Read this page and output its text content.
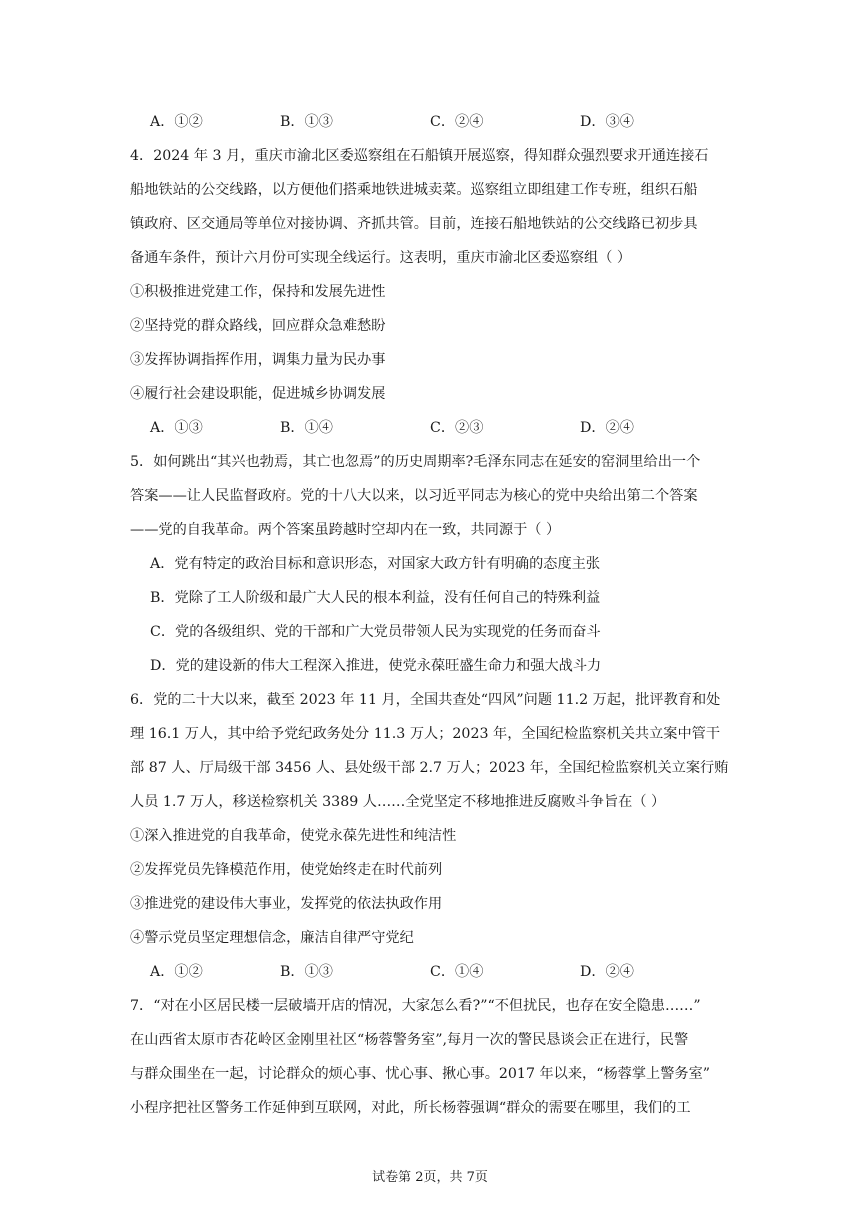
A．①②	B．①③	C．②④	D．③④
4．2024 年 3 月，重庆市渝北区委巡察组在石船镇开展巡察，得知群众强烈要求开通连接石
船地铁站的公交线路，以方便他们搭乘地铁进城卖菜。巡察组立即组建工作专班，组织石船
镇政府、区交通局等单位对接协调、齐抓共管。目前，连接石船地铁站的公交线路已初步具
备通车条件，预计六月份可实现全线运行。这表明，重庆市渝北区委巡察组（ ）
①积极推进党建工作，保持和发展先进性
②坚持党的群众路线，回应群众急难愁盼
③发挥协调指挥作用，调集力量为民办事
④履行社会建设职能，促进城乡协调发展
A．①③	B．①④	C．②③	D．②④
5．如何跳出“其兴也勃焉，其亡也忽焉”的历史周期率?毛泽东同志在延安的窑洞里给出一个
答案——让人民监督政府。党的十八大以来，以习近平同志为核心的党中央给出第二个答案
——党的自我革命。两个答案虽跨越时空却内在一致，共同源于（ ）
A．党有特定的政治目标和意识形态，对国家大政方针有明确的态度主张
B．党除了工人阶级和最广大人民的根本利益，没有任何自己的特殊利益
C．党的各级组织、党的干部和广大党员带领人民为实现党的任务而奋斗
D．党的建设新的伟大工程深入推进，使党永葆旺盛生命力和强大战斗力
6．党的二十大以来，截至 2023 年 11 月，全国共查处“四风”问题 11.2 万起，批评教育和处
理 16.1 万人，其中给予党纪政务处分 11.3 万人；2023 年，全国纪检监察机关共立案中管干
部 87 人、厅局级干部 3456 人、县处级干部 2.7 万人；2023 年，全国纪检监察机关立案行贿
人员 1.7 万人，移送检察机关 3389 人……全党坚定不移地推进反腐败斗争旨在（ ）
①深入推进党的自我革命，使党永葆先进性和纯洁性
②发挥党员先锋模范作用，使党始终走在时代前列
③推进党的建设伟大事业，发挥党的依法执政作用
④警示党员坚定理想信念，廉洁自律严守党纪
A．①②	B．①③	C．①④	D．②④
7．“对在小区居民楼一层破墙开店的情况，大家怎么看?”“不但扰民，也存在安全隐患……”
在山西省太原市杏花岭区金刚里社区“杨蓉警务室”,每月一次的警民恳谈会正在进行，民警
与群众围坐在一起，讨论群众的烦心事、忧心事、揪心事。2017 年以来，“杨蓉掌上警务室”
小程序把社区警务工作延伸到互联网，对此，所长杨蓉强调“群众的需要在哪里，我们的工
试卷第 2页，共 7页
